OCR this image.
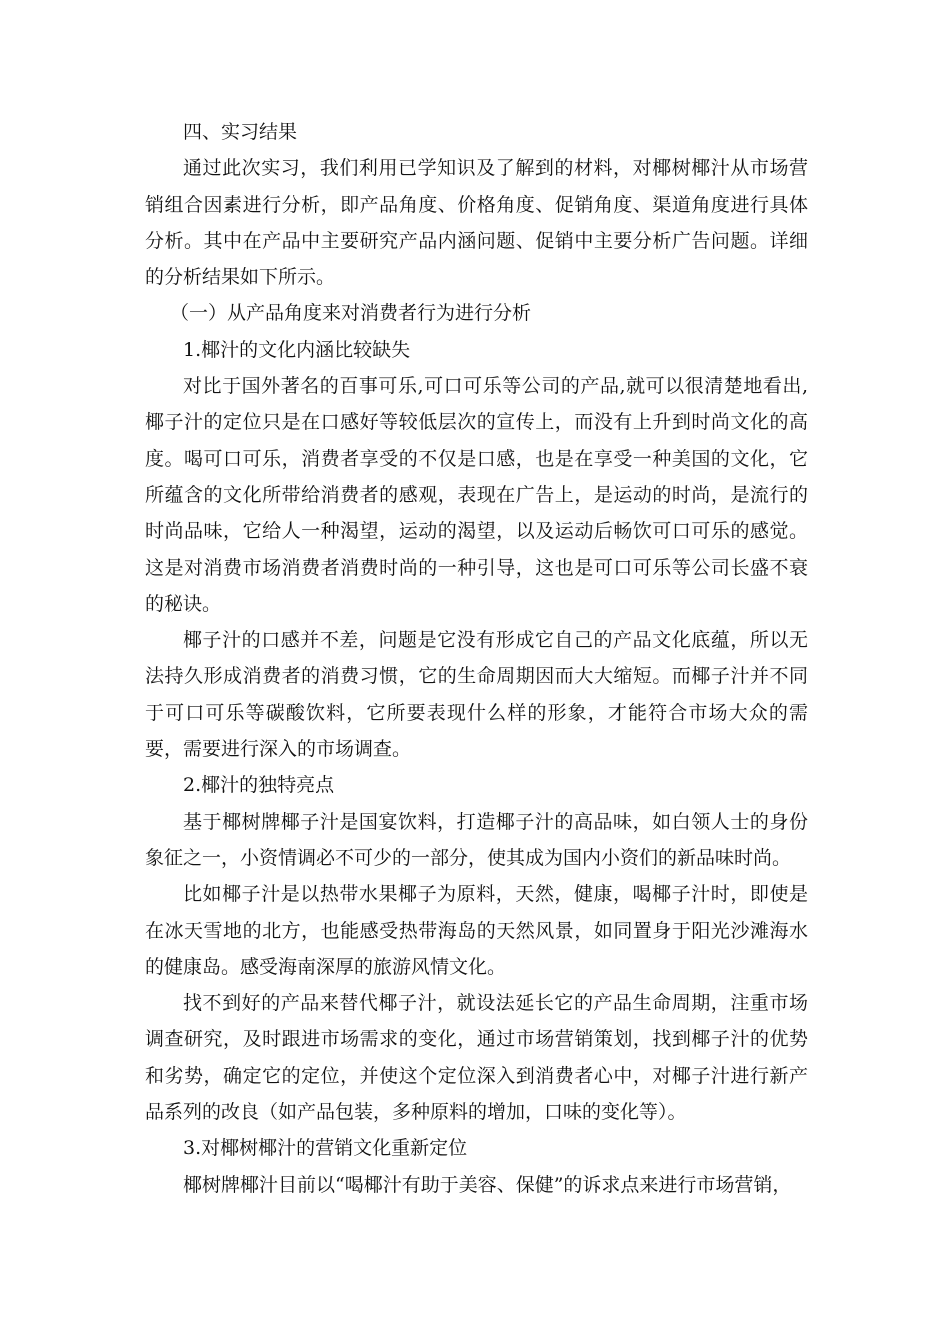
四、实习结果

通过此次实习，我们利用已学知识及了解到的材料，对椰树椰汁从市场营销组合因素进行分析，即产品角度、价格角度、促销角度、渠道角度进行具体分析。其中在产品中主要研究产品内涵问题、促销中主要分析广告问题。详细的分析结果如下所示。

（一）从产品角度来对消费者行为进行分析

1.椰汁的文化内涵比较缺失

对比于国外著名的百事可乐,可口可乐等公司的产品,就可以很清楚地看出,椰子汁的定位只是在口感好等较低层次的宣传上，而没有上升到时尚文化的高度。喝可口可乐，消费者享受的不仅是口感，也是在享受一种美国的文化，它所蕴含的文化所带给消费者的感观，表现在广告上，是运动的时尚，是流行的时尚品味，它给人一种渴望，运动的渴望，以及运动后畅饮可口可乐的感觉。这是对消费市场消费者消费时尚的一种引导，这也是可口可乐等公司长盛不衰的秘诀。

椰子汁的口感并不差，问题是它没有形成它自己的产品文化底蕴，所以无法持久形成消费者的消费习惯，它的生命周期因而大大缩短。而椰子汁并不同于可口可乐等碳酸饮料，它所要表现什么样的形象，才能符合市场大众的需要，需要进行深入的市场调查。

2.椰汁的独特亮点

基于椰树牌椰子汁是国宴饮料，打造椰子汁的高品味，如白领人士的身份象征之一，小资情调必不可少的一部分，使其成为国内小资们的新品味时尚。

比如椰子汁是以热带水果椰子为原料，天然，健康，喝椰子汁时，即使是在冰天雪地的北方，也能感受热带海岛的天然风景，如同置身于阳光沙滩海水的健康岛。感受海南深厚的旅游风情文化。

找不到好的产品来替代椰子汁，就设法延长它的产品生命周期，注重市场调查研究，及时跟进市场需求的变化，通过市场营销策划，找到椰子汁的优势和劣势，确定它的定位，并使这个定位深入到消费者心中，对椰子汁进行新产品系列的改良（如产品包装，多种原料的增加，口味的变化等）。

3.对椰树椰汁的营销文化重新定位

椰树牌椰汁目前以“喝椰汁有助于美容、保健”的诉求点来进行市场营销，
